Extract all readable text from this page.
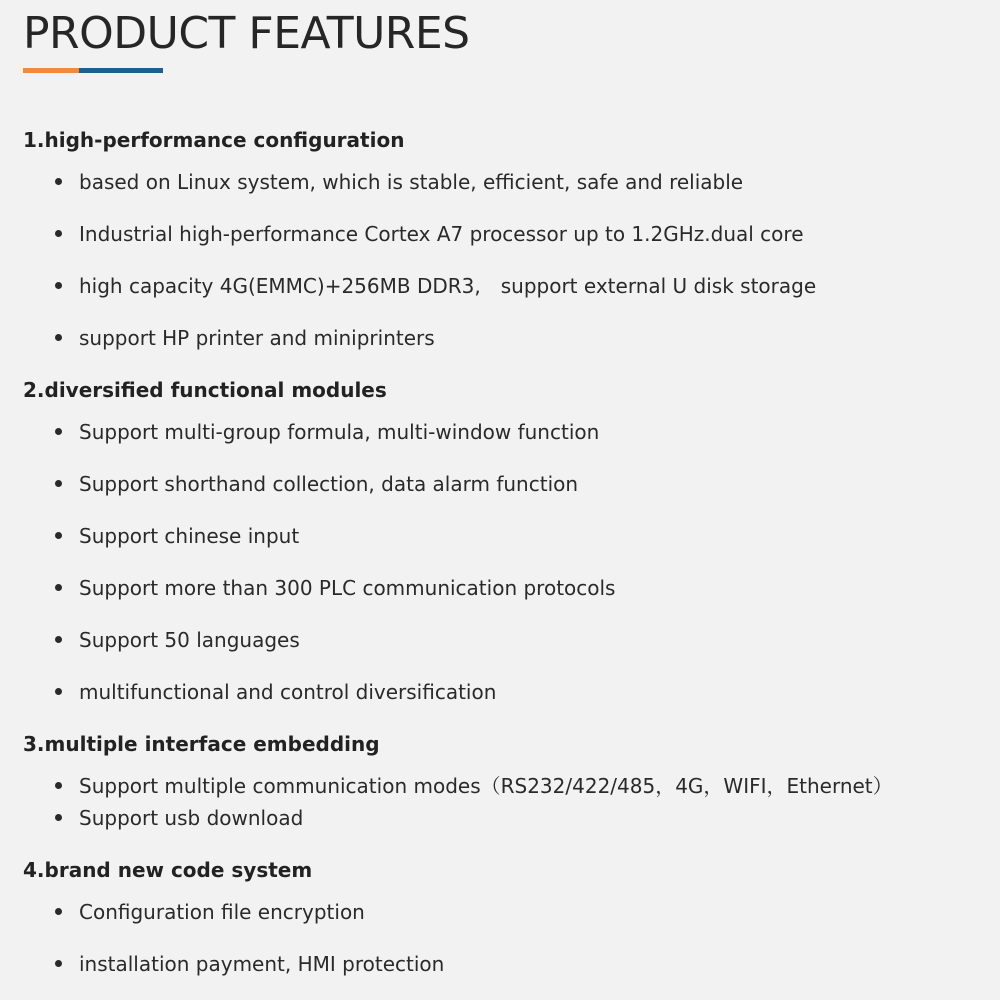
PRODUCT FEATURES
1.high-performance configuration
based on Linux system, which is stable, efficient, safe and reliable
Industrial high-performance Cortex A7 processor up to 1.2GHz.dual core
high capacity 4G(EMMC)+256MB DDR3,　support external U disk storage
support HP printer and miniprinters
2.diversified functional modules
Support multi-group formula, multi-window function
Support shorthand collection, data alarm function
Support chinese input
Support more than 300 PLC communication protocols
Support 50 languages
multifunctional and control diversification
3.multiple interface embedding
Support multiple communication modes（RS232/422/485，4G，WIFI，Ethernet）
Support usb download
4.brand new code system
Configuration file encryption
installation payment, HMI protection
